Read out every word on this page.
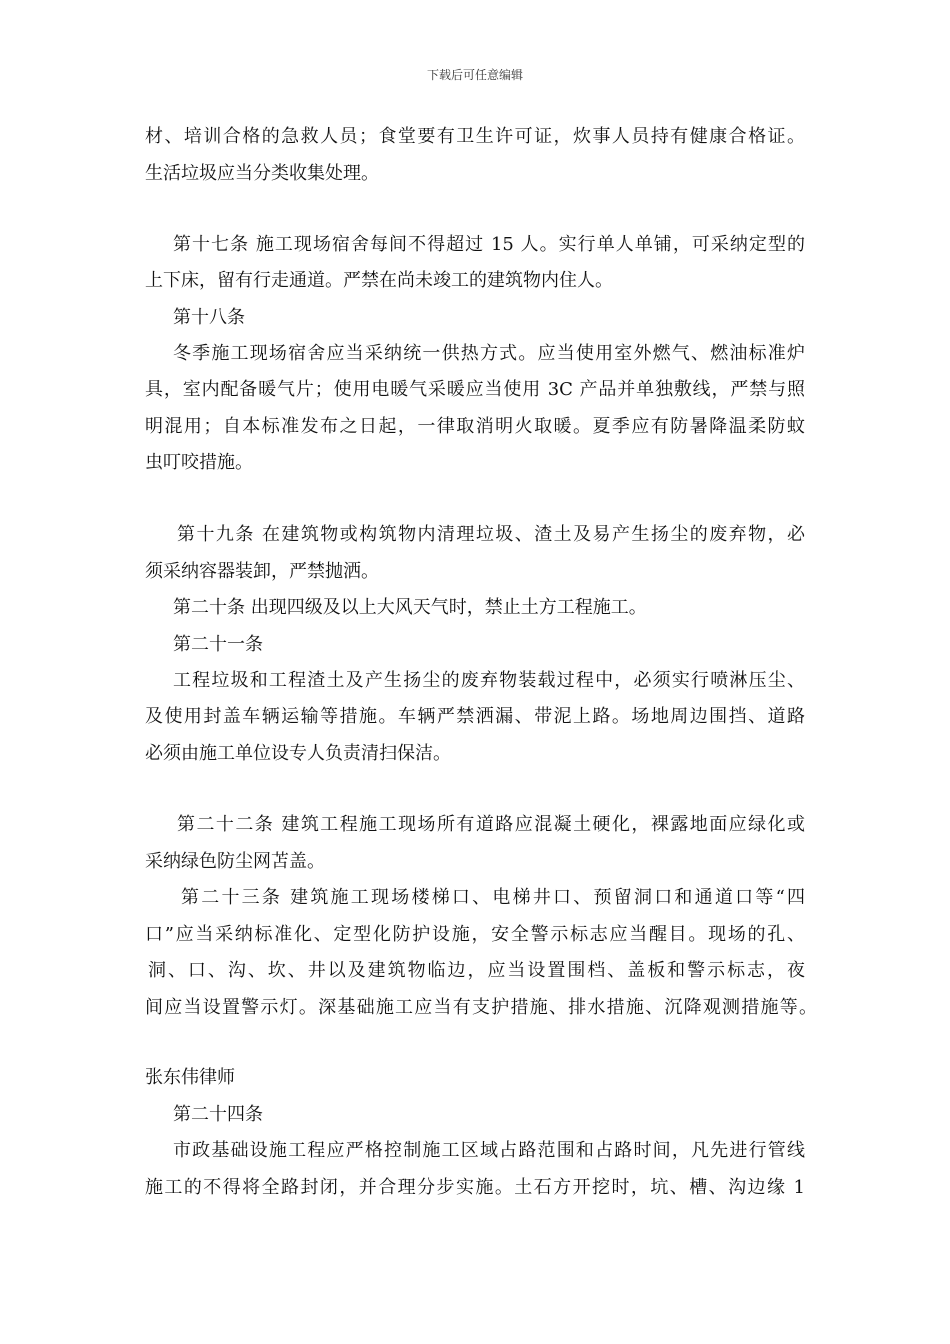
下载后可任意编辑
材、培训合格的急救人员；食堂要有卫生许可证，炊事人员持有健康合格证。
生活垃圾应当分类收集处理。
第十七条 施工现场宿舍每间不得超过 15 人。实行单人单铺，可采纳定型的
上下床，留有行走通道。严禁在尚未竣工的建筑物内住人。
第十八条
冬季施工现场宿舍应当采纳统一供热方式。应当使用室外燃气、燃油标准炉
具，室内配备暖气片；使用电暖气采暖应当使用 3C 产品并单独敷线，严禁与照
明混用；自本标准发布之日起，一律取消明火取暖。夏季应有防暑降温柔防蚊
虫叮咬措施。
第十九条 在建筑物或构筑物内清理垃圾、渣土及易产生扬尘的废弃物，必
须采纳容器装卸，严禁抛洒。
第二十条 出现四级及以上大风天气时，禁止土方工程施工。
第二十一条
工程垃圾和工程渣土及产生扬尘的废弃物装载过程中，必须实行喷淋压尘、
及使用封盖车辆运输等措施。车辆严禁洒漏、带泥上路。场地周边围挡、道路
必须由施工单位设专人负责清扫保洁。
第二十二条 建筑工程施工现场所有道路应混凝土硬化，裸露地面应绿化或
采纳绿色防尘网苫盖。
第二十三条 建筑施工现场楼梯口、电梯井口、预留洞口和通道口等“四
口”应当采纳标准化、定型化防护设施，安全警示标志应当醒目。现场的孔、
洞、口、沟、坎、井以及建筑物临边，应当设置围档、盖板和警示标志，夜
间应当设置警示灯。深基础施工应当有支护措施、排水措施、沉降观测措施等。
张东伟律师
第二十四条
市政基础设施工程应严格控制施工区域占路范围和占路时间，凡先进行管线
施工的不得将全路封闭，并合理分步实施。土石方开挖时，坑、槽、沟边缘 1
